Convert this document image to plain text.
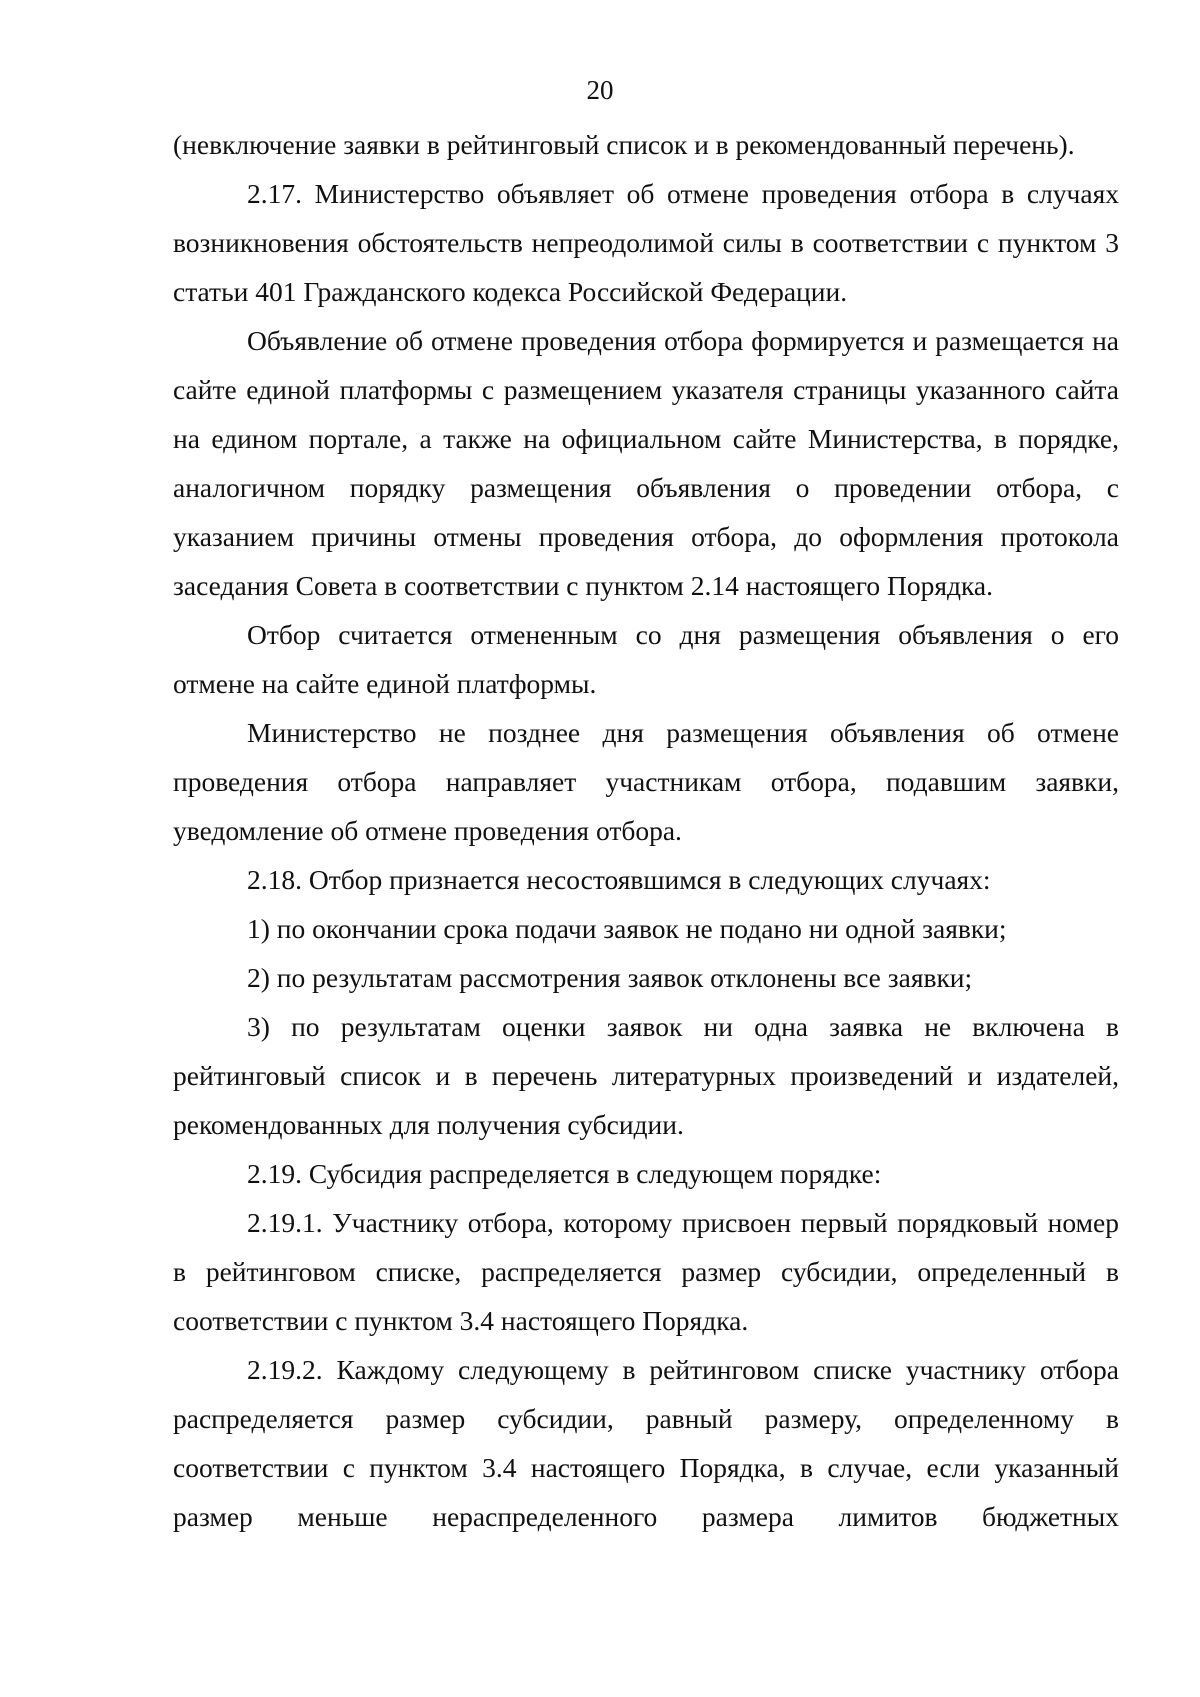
20

(невключение заявки в рейтинговый список и в рекомендованный перечень).

2.17. Министерство объявляет об отмене проведения отбора в случаях возникновения обстоятельств непреодолимой силы в соответствии с пунктом 3 статьи 401 Гражданского кодекса Российской Федерации.

Объявление об отмене проведения отбора формируется и размещается на сайте единой платформы с размещением указателя страницы указанного сайта на едином портале, а также на официальном сайте Министерства, в порядке, аналогичном порядку размещения объявления о проведении отбора, с указанием причины отмены проведения отбора, до оформления протокола заседания Совета в соответствии с пунктом 2.14 настоящего Порядка.

Отбор считается отмененным со дня размещения объявления о его отмене на сайте единой платформы.

Министерство не позднее дня размещения объявления об отмене проведения отбора направляет участникам отбора, подавшим заявки, уведомление об отмене проведения отбора.

2.18. Отбор признается несостоявшимся в следующих случаях:

1) по окончании срока подачи заявок не подано ни одной заявки;

2) по результатам рассмотрения заявок отклонены все заявки;

3) по результатам оценки заявок ни одна заявка не включена в рейтинговый список и в перечень литературных произведений и издателей, рекомендованных для получения субсидии.

2.19. Субсидия распределяется в следующем порядке:

2.19.1. Участнику отбора, которому присвоен первый порядковый номер в рейтинговом списке, распределяется размер субсидии, определенный в соответствии с пунктом 3.4 настоящего Порядка.

2.19.2. Каждому следующему в рейтинговом списке участнику отбора распределяется размер субсидии, равный размеру, определенному в соответствии с пунктом 3.4 настоящего Порядка, в случае, если указанный размер меньше нераспределенного размера лимитов бюджетных
